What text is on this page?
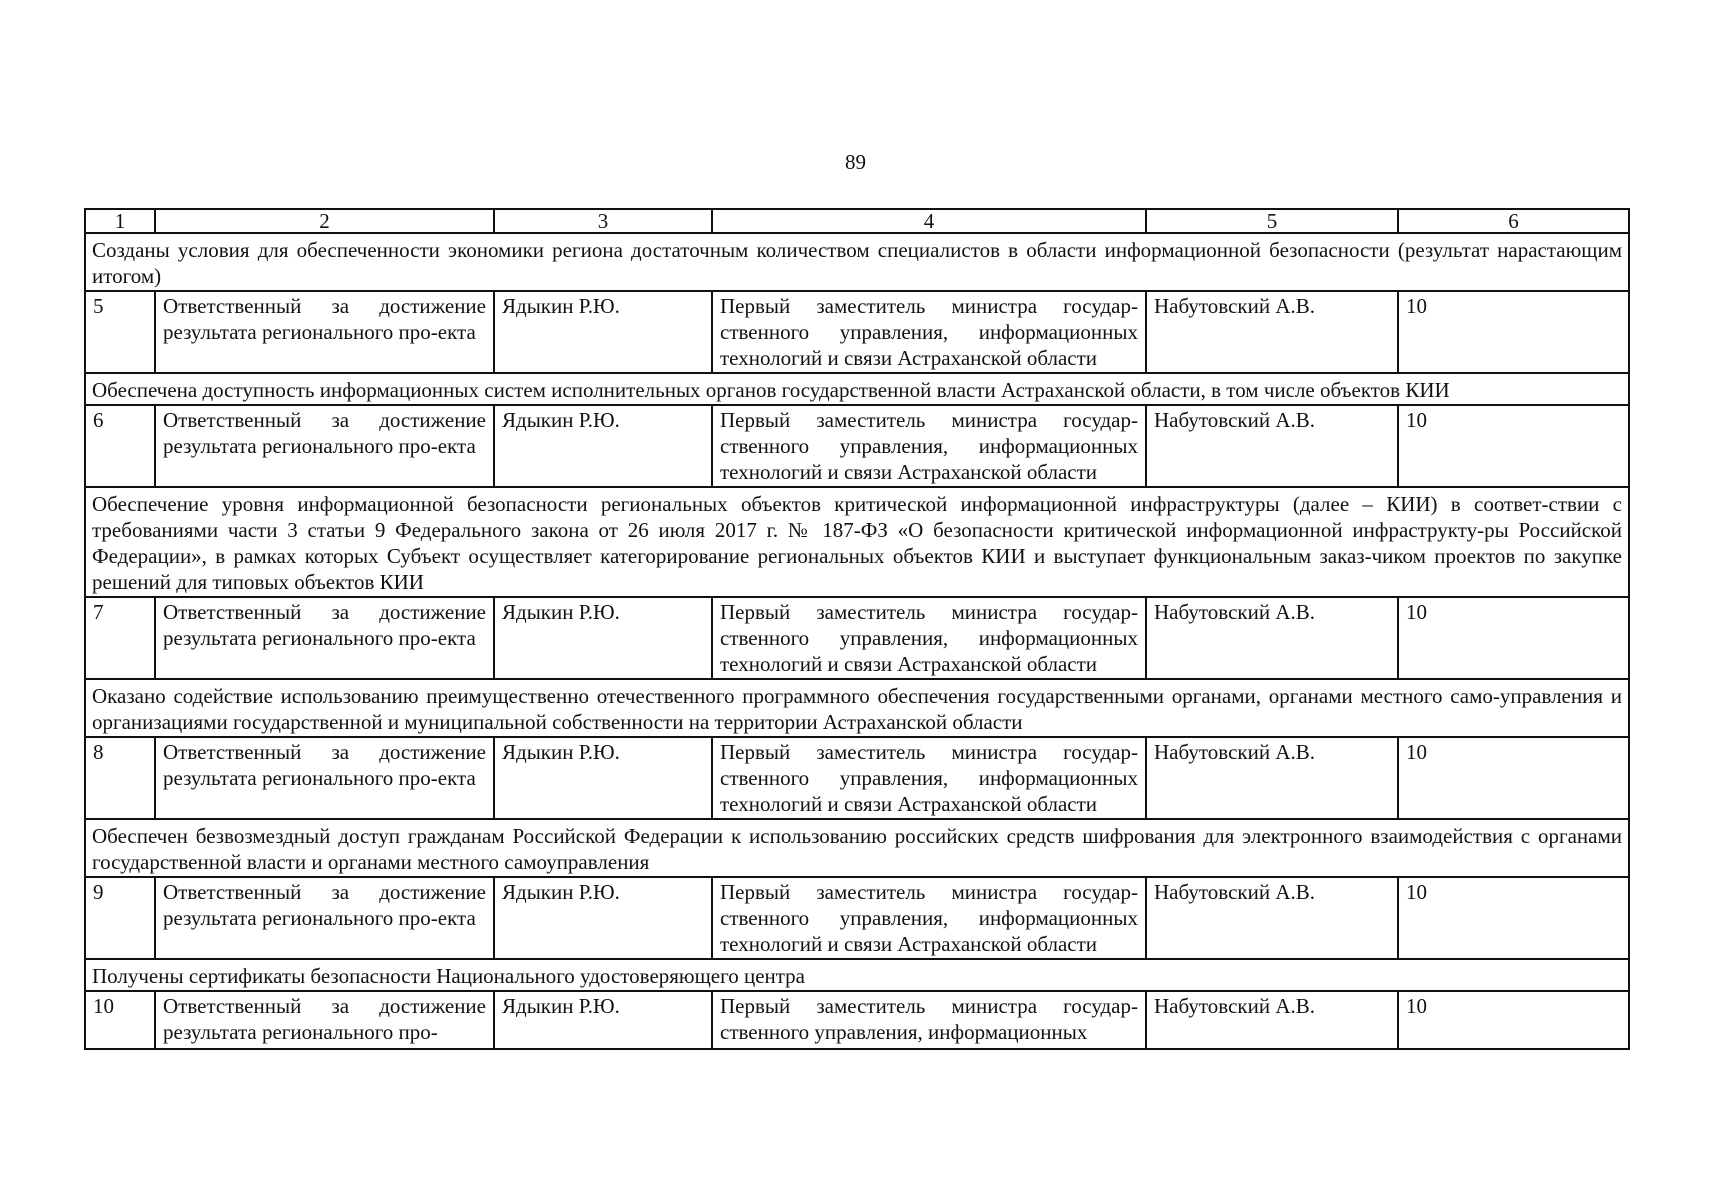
89
1	2	3	4	5	6
Созданы условия для обеспеченности экономики региона достаточным количеством специалистов в области информационной безопасности (результат нарастающим итогом)					
5	Ответственный за достижение результата регионального про-екта	Ядыкин Р.Ю.	Первый заместитель министра государ-ственного управления, информационных технологий и связи Астраханской области	Набутовский А.В.	10
Обеспечена доступность информационных систем исполнительных органов государственной власти Астраханской области, в том числе объектов КИИ					
6	Ответственный за достижение результата регионального про-екта	Ядыкин Р.Ю.	Первый заместитель министра государ-ственного управления, информационных технологий и связи Астраханской области	Набутовский А.В.	10
Обеспечение уровня информационной безопасности региональных объектов критической информационной инфраструктуры (далее – КИИ) в соответ-ствии с требованиями части 3 статьи 9 Федерального закона от 26 июля 2017 г. № 187-ФЗ «О безопасности критической информационной инфраструкту-ры Российской Федерации», в рамках которых Субъект осуществляет категорирование региональных объектов КИИ и выступает функциональным заказ-чиком проектов по закупке решений для типовых объектов КИИ					
7	Ответственный за достижение результата регионального про-екта	Ядыкин Р.Ю.	Первый заместитель министра государ-ственного управления, информационных технологий и связи Астраханской области	Набутовский А.В.	10
Оказано содействие использованию преимущественно отечественного программного обеспечения государственными органами, органами местного само-управления и организациями государственной и муниципальной собственности на территории Астраханской области					
8	Ответственный за достижение результата регионального про-екта	Ядыкин Р.Ю.	Первый заместитель министра государ-ственного управления, информационных технологий и связи Астраханской области	Набутовский А.В.	10
Обеспечен безвозмездный доступ гражданам Российской Федерации к использованию российских средств шифрования для электронного взаимодействия с органами государственной власти и органами местного самоуправления					
9	Ответственный за достижение результата регионального про-екта	Ядыкин Р.Ю.	Первый заместитель министра государ-ственного управления, информационных технологий и связи Астраханской области	Набутовский А.В.	10
Получены сертификаты безопасности Национального удостоверяющего центра					
10	Ответственный за достижение результата регионального про-	Ядыкин Р.Ю.	Первый заместитель министра государ-ственного управления, информационных	Набутовский А.В.	10
